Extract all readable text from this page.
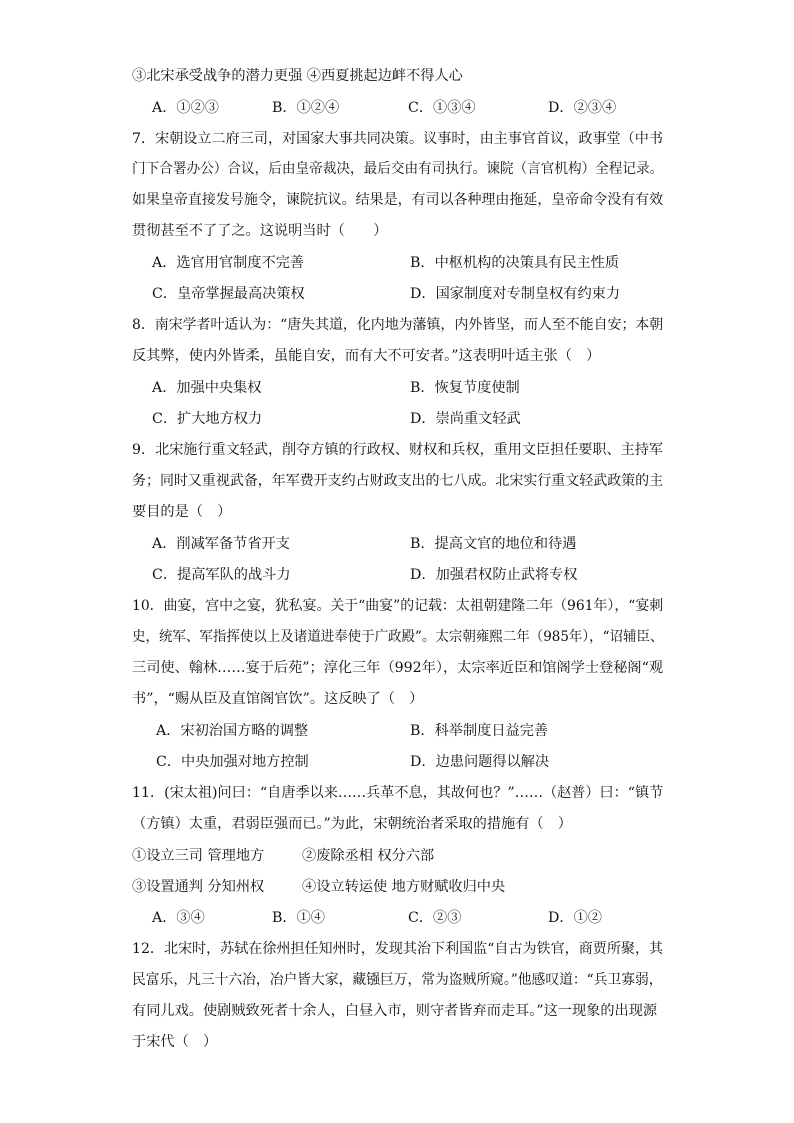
③北宋承受战争的潜力更强 ④西夏挑起边衅不得人心
A．①②③	B．①②④	C．①③④	D．②③④
7．宋朝设立二府三司，对国家大事共同决策。议事时，由主事官首议，政事堂（中书
门下合署办公）合议，后由皇帝裁决，最后交由有司执行。谏院（言官机构）全程记录。
如果皇帝直接发号施令，谏院抗议。结果是，有司以各种理由拖延，皇帝命令没有有效
贯彻甚至不了了之。这说明当时（　　）
A．选官用官制度不完善	B．中枢机构的决策具有民主性质
C．皇帝掌握最高决策权	D．国家制度对专制皇权有约束力
8．南宋学者叶适认为：“唐失其道，化内地为藩镇，内外皆坚，而人至不能自安；本朝
反其弊，使内外皆柔，虽能自安，而有大不可安者。”这表明叶适主张（　）
A．加强中央集权	B．恢复节度使制
C．扩大地方权力	D．崇尚重文轻武
9．北宋施行重文轻武，削夺方镇的行政权、财权和兵权，重用文臣担任要职、主持军
务；同时又重视武备，年军费开支约占财政支出的七八成。北宋实行重文轻武政策的主
要目的是（　）
A．削减军备节省开支	B．提高文官的地位和待遇
C．提高军队的战斗力	D．加强君权防止武将专权
10．曲宴，宫中之宴，犹私宴。关于“曲宴”的记载：太祖朝建隆二年（961年），“宴刺
史，统军、军指挥使以上及诸道进奉使于广政殿”。太宗朝雍熙二年（985年），“诏辅臣、
三司使、翰林……宴于后苑”；淳化三年（992年），太宗率近臣和馆阁学士登秘阁“观
书”，“赐从臣及直馆阁官饮”。这反映了（　）
A．宋初治国方略的调整	B．科举制度日益完善
C．中央加强对地方控制	D．边患问题得以解决
11．(宋太祖)问曰：“自唐季以来……兵革不息，其故何也？”……（赵普）曰：“镇节
（方镇）太重，君弱臣强而已。”为此，宋朝统治者采取的措施有（　）
①设立三司 管理地方	②废除丞相 权分六部
③设置通判 分知州权	④设立转运使 地方财赋收归中央
A．③④	B．①④	C．②③	D．①②
12．北宋时，苏轼在徐州担任知州时，发现其治下利国监“自古为铁官，商贾所聚，其
民富乐，凡三十六冶，冶户皆大家，藏镪巨万，常为盗贼所窥。”他感叹道：“兵卫寡弱，
有同儿戏。使剧贼致死者十余人，白昼入市，则守者皆弃而走耳。”这一现象的出现源
于宋代（　）
